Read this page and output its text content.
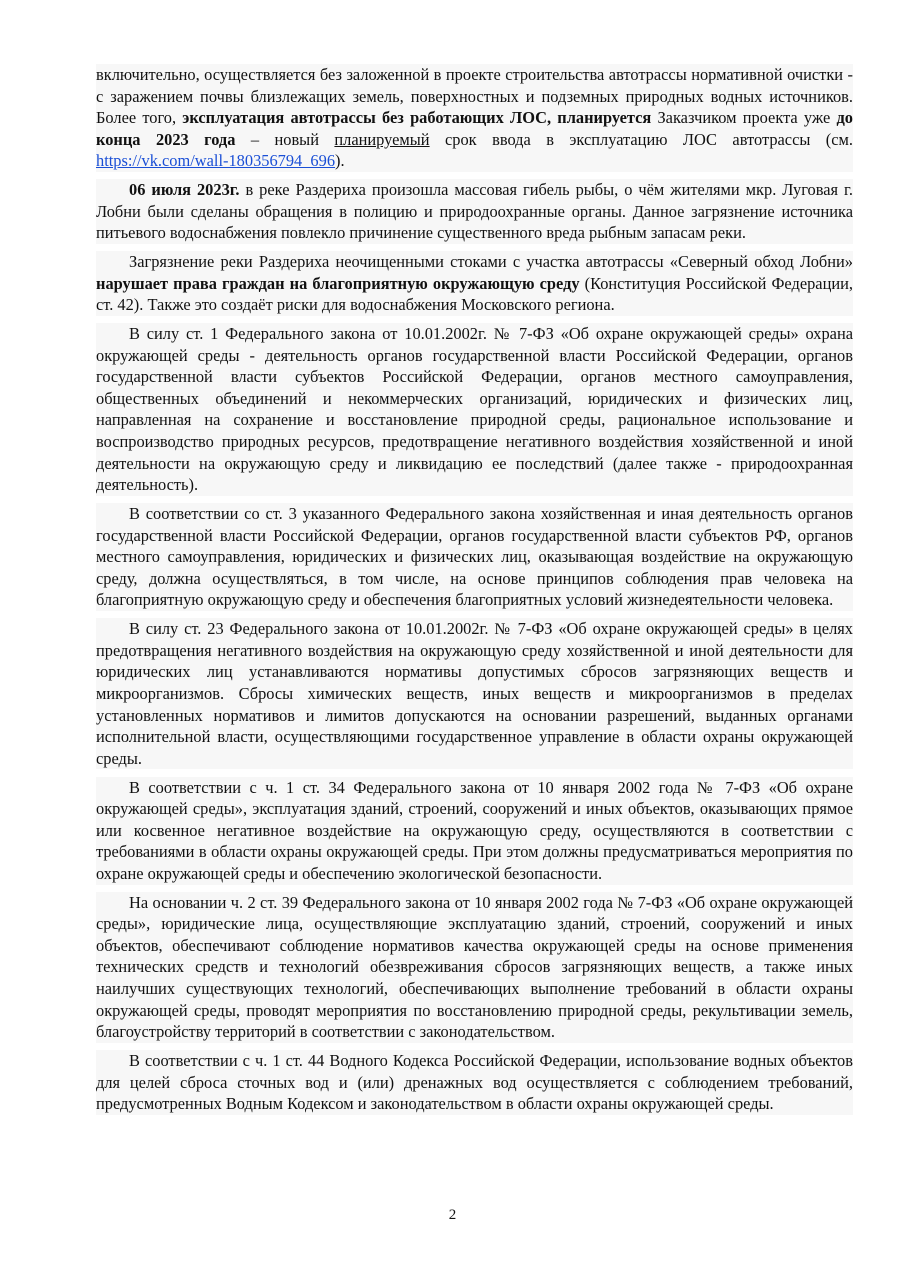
включительно, осуществляется без заложенной в проекте строительства автотрассы нормативной очистки - с заражением почвы близлежащих земель, поверхностных и подземных природных водных источников. Более того, эксплуатация автотрассы без работающих ЛОС, планируется Заказчиком проекта уже до конца 2023 года – новый планируемый срок ввода в эксплуатацию ЛОС автотрассы (см. https://vk.com/wall-180356794_696).

06 июля 2023г. в реке Раздериха произошла массовая гибель рыбы, о чём жителями мкр. Луговая г. Лобни были сделаны обращения в полицию и природоохранные органы. Данное загрязнение источника питьевого водоснабжения повлекло причинение существенного вреда рыбным запасам реки.

Загрязнение реки Раздериха неочищенными стоками с участка автотрассы «Северный обход Лобни» нарушает права граждан на благоприятную окружающую среду (Конституция Российской Федерации, ст. 42). Также это создаёт риски для водоснабжения Московского региона.

В силу ст. 1 Федерального закона от 10.01.2002г. № 7-ФЗ «Об охране окружающей среды» охрана окружающей среды - деятельность органов государственной власти Российской Федерации, органов государственной власти субъектов Российской Федерации, органов местного самоуправления, общественных объединений и некоммерческих организаций, юридических и физических лиц, направленная на сохранение и восстановление природной среды, рациональное использование и воспроизводство природных ресурсов, предотвращение негативного воздействия хозяйственной и иной деятельности на окружающую среду и ликвидацию ее последствий (далее также - природоохранная деятельность).

В соответствии со ст. 3 указанного Федерального закона хозяйственная и иная деятельность органов государственной власти Российской Федерации, органов государственной власти субъектов РФ, органов местного самоуправления, юридических и физических лиц, оказывающая воздействие на окружающую среду, должна осуществляться, в том числе, на основе принципов соблюдения прав человека на благоприятную окружающую среду и обеспечения благоприятных условий жизнедеятельности человека.

В силу ст. 23 Федерального закона от 10.01.2002г. № 7-ФЗ «Об охране окружающей среды» в целях предотвращения негативного воздействия на окружающую среду хозяйственной и иной деятельности для юридических лиц устанавливаются нормативы допустимых сбросов загрязняющих веществ и микроорганизмов. Сбросы химических веществ, иных веществ и микроорганизмов в пределах установленных нормативов и лимитов допускаются на основании разрешений, выданных органами исполнительной власти, осуществляющими государственное управление в области охраны окружающей среды.

В соответствии с ч. 1 ст. 34 Федерального закона от 10 января 2002 года № 7-ФЗ «Об охране окружающей среды», эксплуатация зданий, строений, сооружений и иных объектов, оказывающих прямое или косвенное негативное воздействие на окружающую среду, осуществляются в соответствии с требованиями в области охраны окружающей среды. При этом должны предусматриваться мероприятия по охране окружающей среды и обеспечению экологической безопасности.

На основании ч. 2 ст. 39 Федерального закона от 10 января 2002 года № 7-ФЗ «Об охране окружающей среды», юридические лица, осуществляющие эксплуатацию зданий, строений, сооружений и иных объектов, обеспечивают соблюдение нормативов качества окружающей среды на основе применения технических средств и технологий обезвреживания сбросов загрязняющих веществ, а также иных наилучших существующих технологий, обеспечивающих выполнение требований в области охраны окружающей среды, проводят мероприятия по восстановлению природной среды, рекультивации земель, благоустройству территорий в соответствии с законодательством.

В соответствии с ч. 1 ст. 44 Водного Кодекса Российской Федерации, использование водных объектов для целей сброса сточных вод и (или) дренажных вод осуществляется с соблюдением требований, предусмотренных Водным Кодексом и законодательством в области охраны окружающей среды.

2
